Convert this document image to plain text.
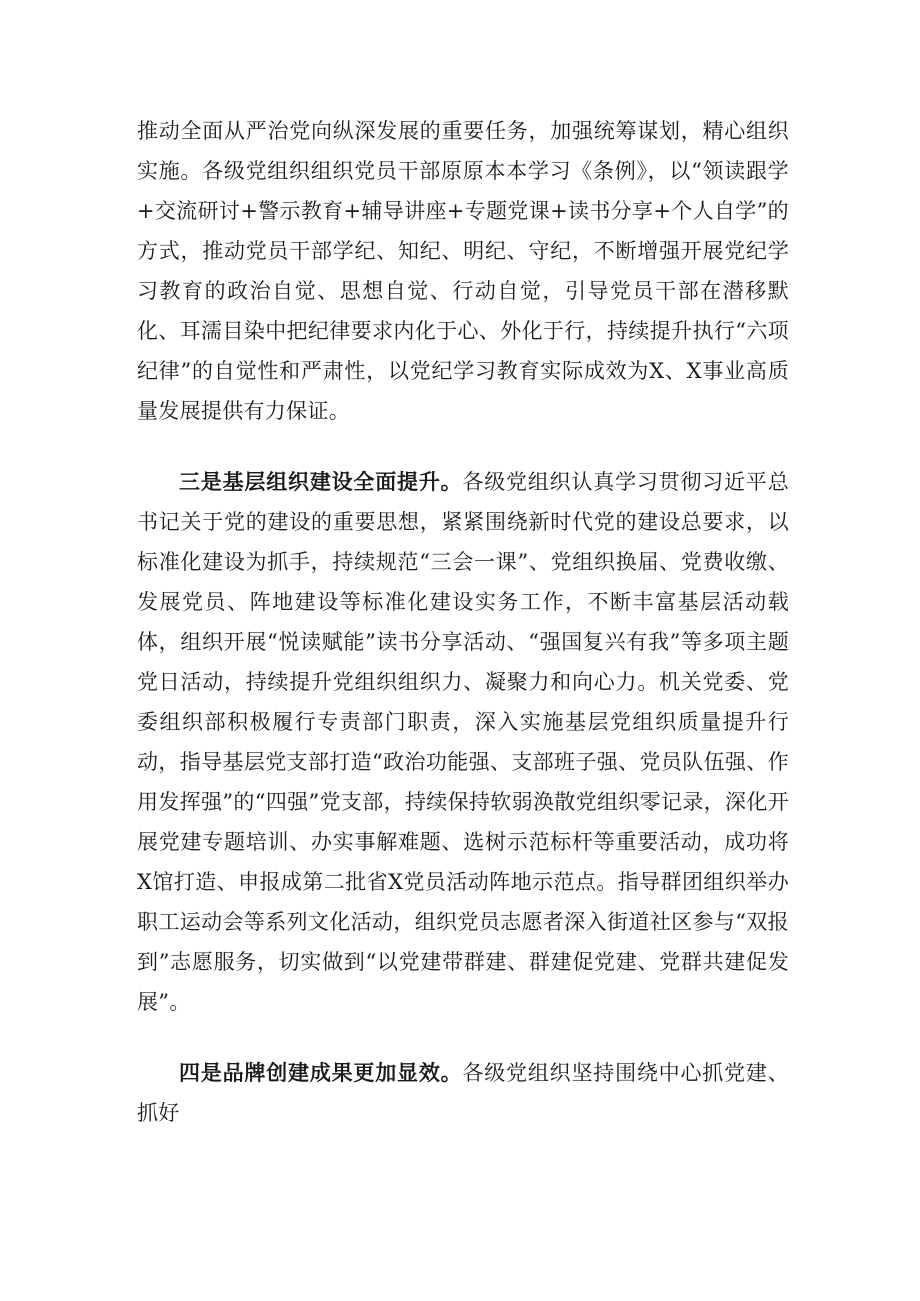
推动全面从严治党向纵深发展的重要任务，加强统筹谋划，精心组织实施。各级党组织组织党员干部原原本本学习《条例》，以“领读跟学+交流研讨+警示教育+辅导讲座+专题党课+读书分享+个人自学”的方式，推动党员干部学纪、知纪、明纪、守纪，不断增强开展党纪学习教育的政治自觉、思想自觉、行动自觉，引导党员干部在潜移默化、耳濡目染中把纪律要求内化于心、外化于行，持续提升执行“六项纪律”的自觉性和严肃性，以党纪学习教育实际成效为X、X事业高质量发展提供有力保证。

三是基层组织建设全面提升。各级党组织认真学习贯彻习近平总书记关于党的建设的重要思想，紧紧围绕新时代党的建设总要求，以标准化建设为抓手，持续规范“三会一课”、党组织换届、党费收缴、发展党员、阵地建设等标准化建设实务工作，不断丰富基层活动载体，组织开展“悦读赋能”读书分享活动、“强国复兴有我”等多项主题党日活动，持续提升党组织组织力、凝聚力和向心力。机关党委、党委组织部积极履行专责部门职责，深入实施基层党组织质量提升行动，指导基层党支部打造“政治功能强、支部班子强、党员队伍强、作用发挥强”的“四强”党支部，持续保持软弱涣散党组织零记录，深化开展党建专题培训、办实事解难题、选树示范标杆等重要活动，成功将X馆打造、申报成第二批省X党员活动阵地示范点。指导群团组织举办职工运动会等系列文化活动，组织党员志愿者深入街道社区参与“双报到”志愿服务，切实做到“以党建带群建、群建促党建、党群共建促发展”。

四是品牌创建成果更加显效。各级党组织坚持围绕中心抓党建、抓好
